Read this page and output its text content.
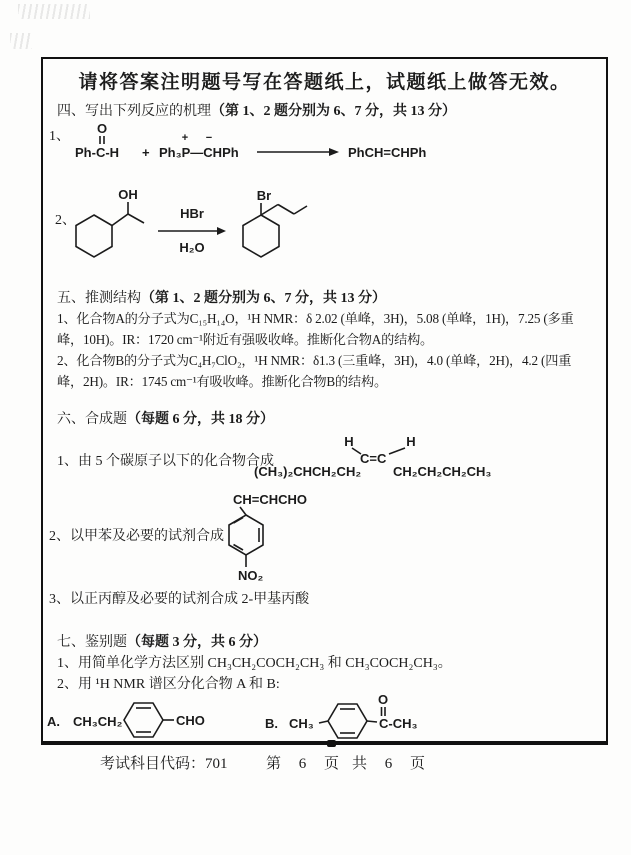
请将答案注明题号写在答题纸上，试题纸上做答无效。
四、写出下列反应的机理（第 1、2 题分别为 6、7 分，共 13 分）
1、
O
Ph-C-H + Ph₃P—CHPh
+ −
PhCH=CHPh
2、
OH
HBr
H₂O
Br
五、推测结构（第 1、2 题分别为 6、7 分，共 13 分）
1、化合物A的分子式为C₁₅H₁₄O，¹H NMR：δ 2.02 (单峰，3H)，5.08 (单峰，1H)，7.25 (多重
峰，10H)。IR：1720 cm⁻¹附近有强吸收峰。推断化合物A的结构。
2、化合物B的分子式为C₄H₇ClO₂，¹H NMR：δ1.3 (三重峰，3H)，4.0 (单峰，2H)，4.2 (四重
峰，2H)。IR：1745 cm⁻¹有吸收峰。推断化合物B的结构。
六、合成题（每题 6 分，共 18 分）
1、由 5 个碳原子以下的化合物合成
H	H
C=C
(CH₃)₂CHCH₂CH₂ CH₂CH₂CH₂CH₃
CH=CHCHO
NO₂
2、以甲苯及必要的试剂合成
3、以正丙醇及必要的试剂合成 2-甲基丙酸
七、鉴别题（每题 3 分，共 6 分）
1、用简单化学方法区别 CH₃CH₂COCH₂CH₃ 和 CH₃COCH₂CH₃。
2、用 ¹H NMR 谱区分化合物 A 和 B:
A. CH₃CH₂	CHO	B. CH₃
O
C-CH₃
考试科目代码：701	第 6 页 共 6 页
